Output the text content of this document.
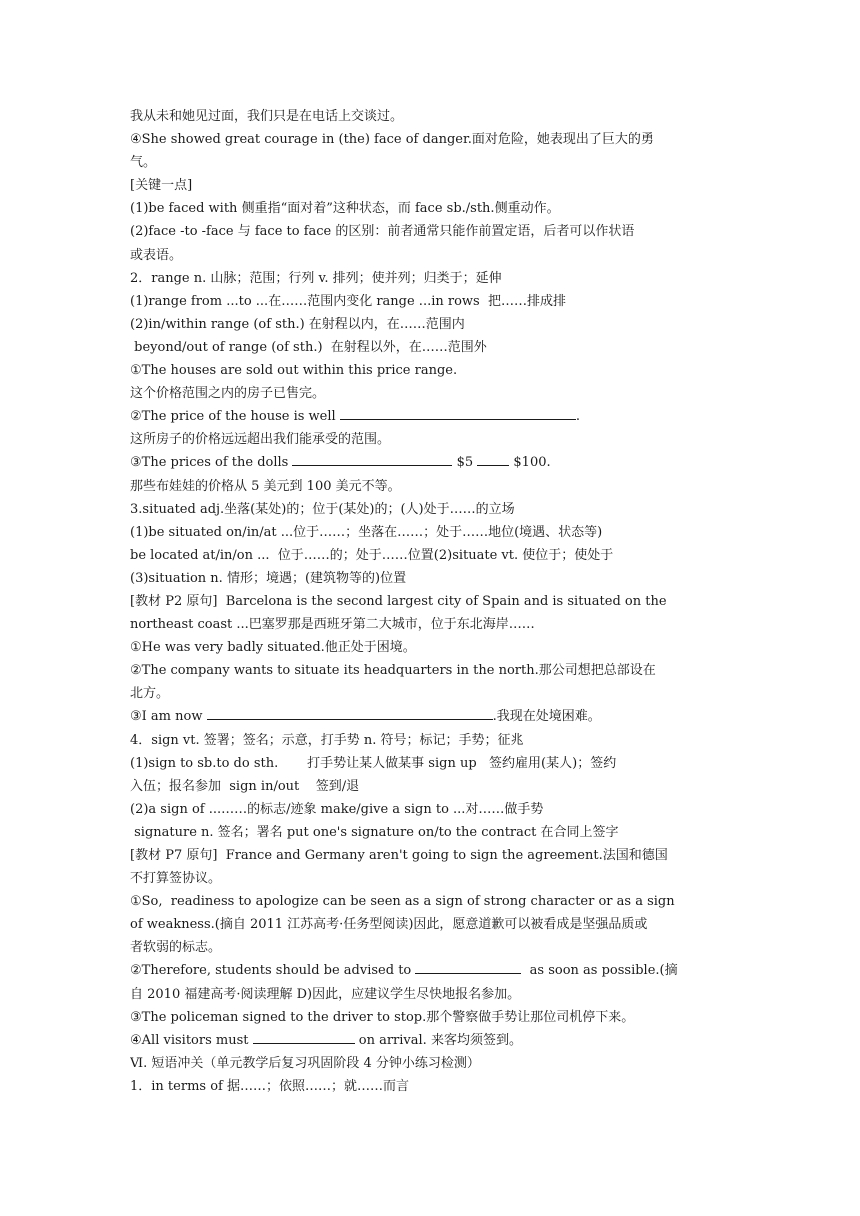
我从未和她见过面，我们只是在电话上交谈过。
④She showed great courage in (the) face of danger.面对危险，她表现出了巨大的勇
气。
[关键一点]
(1)be faced with 侧重指“面对着”这种状态，而 face sb./sth.侧重动作。
(2)face -to -face 与 face to face 的区别：前者通常只能作前置定语，后者可以作状语
或表语。
2．range n. 山脉；范围；行列 v. 排列；使并列；归类于；延伸
(1)range from ...to ...在……范围内变化 range ...in rows  把……排成排
(2)in/within range (of sth.) 在射程以内，在……范围内
beyond/out of range (of sth.)  在射程以外，在……范围外
①The houses are sold out within this price range.
这个价格范围之内的房子已售完。
②The price of the house is well	.
这所房子的价格远远超出我们能承受的范围。
③The prices of the dolls	$5  $100.
那些布娃娃的价格从 5 美元到 100 美元不等。
3.situated adj.坐落(某处)的；位于(某处)的；(人)处于……的立场
(1)be situated on/in/at ...位于……；坐落在……；处于……地位(境遇、状态等)
be located at/in/on ...  位于……的；处于……位置(2)situate vt. 使位于；使处于
(3)situation n. 情形；境遇；(建筑物等的)位置
[教材 P2 原句]  Barcelona is the second largest city of Spain and is situated on the
northeast coast ...巴塞罗那是西班牙第二大城市，位于东北海岸……
①He was very badly situated.他正处于困境。
②The company wants to situate its headquarters in the north.那公司想把总部设在
北方。
③I am now	.我现在处境困难。
4．sign vt. 签署；签名；示意，打手势 n. 符号；标记；手势；征兆
(1)sign to sb.to do sth.       打手势让某人做某事 sign up   签约雇用(某人)；签约
入伍；报名参加  sign in/out    签到/退
(2)a sign of ...……的标志/迹象 make/give a sign to ...对……做手势
signature n. 签名；署名 put one's signature on/to the contract 在合同上签字
[教材 P7 原句]  France and Germany aren't going to sign the agreement.法国和德国
不打算签协议。
①So,  readiness to apologize can be seen as a sign of strong character or as a sign
of weakness.(摘自 2011 江苏高考·任务型阅读)因此，愿意道歉可以被看成是坚强品质或
者软弱的标志。
②Therefore, students should be advised to	as soon as possible.(摘
自 2010 福建高考·阅读理解 D)因此，应建议学生尽快地报名参加。
③The policeman signed to the driver to stop.那个警察做手势让那位司机停下来。
④All visitors must	on arrival. 来客均须签到。
Ⅵ. 短语冲关（单元教学后复习巩固阶段 4 分钟小练习检测）
1．in terms of 据……；依照……；就……而言
